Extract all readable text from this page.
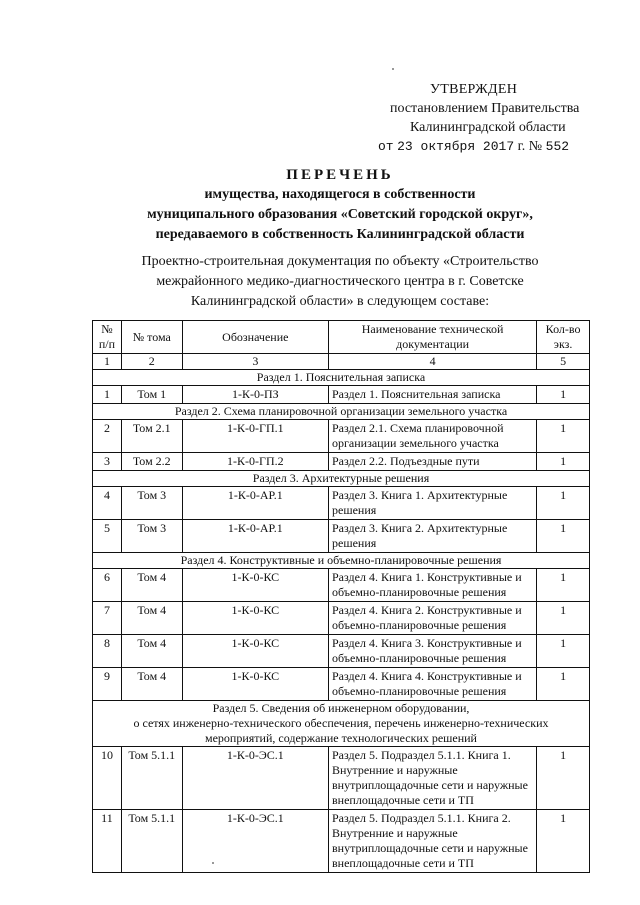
УТВЕРЖДЕН
постановлением Правительства
Калининградской области
от 23 октября 2017 г. № 552
ПЕРЕЧЕНЬ
имущества, находящегося в собственности
муниципального образования «Советский городской округ»,
передаваемого в собственность Калининградской области
Проектно-строительная документация по объекту «Строительство
межрайонного медико-диагностического центра в г. Советске
Калининградской области» в следующем составе:
№ п/п	№ тома	Обозначение	Наименование технической документации	Кол-во экз.
1	2	3	4	5
Раздел 1. Пояснительная записка				
1	Том 1	1-К-0-ПЗ	Раздел 1. Пояснительная записка	1
Раздел 2. Схема планировочной организации земельного участка				
2	Том 2.1	1-К-0-ГП.1	Раздел 2.1. Схема планировочной организации земельного участка	1
3	Том 2.2	1-К-0-ГП.2	Раздел 2.2. Подъездные пути	1
Раздел 3. Архитектурные решения				
4	Том 3	1-К-0-АР.1	Раздел 3. Книга 1. Архитектурные решения	1
5	Том 3	1-К-0-АР.1	Раздел 3. Книга 2. Архитектурные решения	1
Раздел 4. Конструктивные и объемно-планировочные решения				
6	Том 4	1-К-0-КС	Раздел 4. Книга 1. Конструктивные и объемно-планировочные решения	1
7	Том 4	1-К-0-КС	Раздел 4. Книга 2. Конструктивные и объемно-планировочные решения	1
8	Том 4	1-К-0-КС	Раздел 4. Книга 3. Конструктивные и объемно-планировочные решения	1
9	Том 4	1-К-0-КС	Раздел 4. Книга 4. Конструктивные и объемно-планировочные решения	1

Раздел 5. Сведения об инженерном оборудовании,
о сетях инженерно-технического обеспечения, перечень инженерно-технических
мероприятий, содержание технологических решений				

10	Том 5.1.1	1-К-0-ЭС.1	Раздел 5. Подраздел 5.1.1. Книга 1. Внутренние и наружные внутриплощадочные сети и наружные внеплощадочные сети и ТП	1
11	Том 5.1.1	1-К-0-ЭС.1	Раздел 5. Подраздел 5.1.1. Книга 2. Внутренние и наружные внутриплощадочные сети и наружные внеплощадочные сети и ТП	1
